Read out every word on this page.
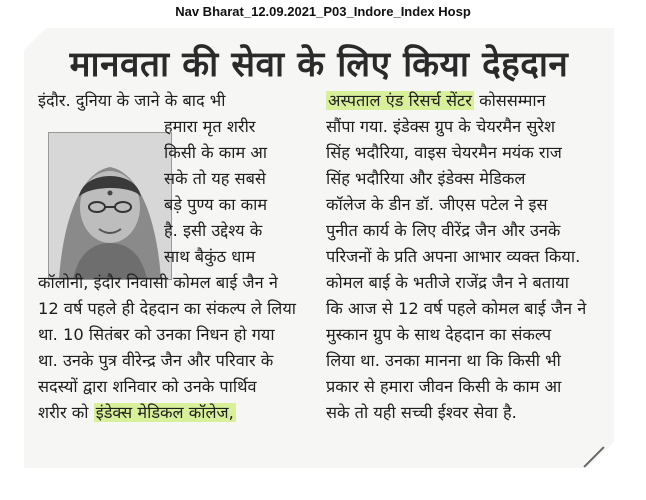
Nav Bharat_12.09.2021_P03_Indore_Index Hosp
मानवता की सेवा के लिए किया देहदान
इंदौर. दुनिया के जाने के बाद भी
हमारा मृत शरीर
किसी के काम आ
सके तो यह सबसे
बड़े पुण्य का काम
है. इसी उद्देश्य के
साथ बैकुंठ धाम
कॉलोनी, इंदौर निवासी कोमल बाई जैन ने
12 वर्ष पहले ही देहदान का संकल्प ले लिया
था. 10 सितंबर को उनका निधन हो गया
था. उनके पुत्र वीरेन्द्र जैन और परिवार के
सदस्यों द्वारा शनिवार को उनके पार्थिव
शरीर को इंडेक्स मेडिकल कॉलेज,
अस्पताल एंड रिसर्च सेंटर कोससम्मान
सौंपा गया. इंडेक्स ग्रुप के चेयरमैन सुरेश
सिंह भदौरिया, वाइस चेयरमैन मयंक राज
सिंह भदौरिया और इंडेक्स मेडिकल
कॉलेज के डीन डॉ. जीएस पटेल ने इस
पुनीत कार्य के लिए वीरेंद्र जैन और उनके
परिजनों के प्रति अपना आभार व्यक्त किया.
कोमल बाई के भतीजे राजेंद्र जैन ने बताया
कि आज से 12 वर्ष पहले कोमल बाई जैन ने
मुस्कान ग्रुप के साथ देहदान का संकल्प
लिया था. उनका मानना था कि किसी भी
प्रकार से हमारा जीवन किसी के काम आ
सके तो यही सच्ची ईश्वर सेवा है.
